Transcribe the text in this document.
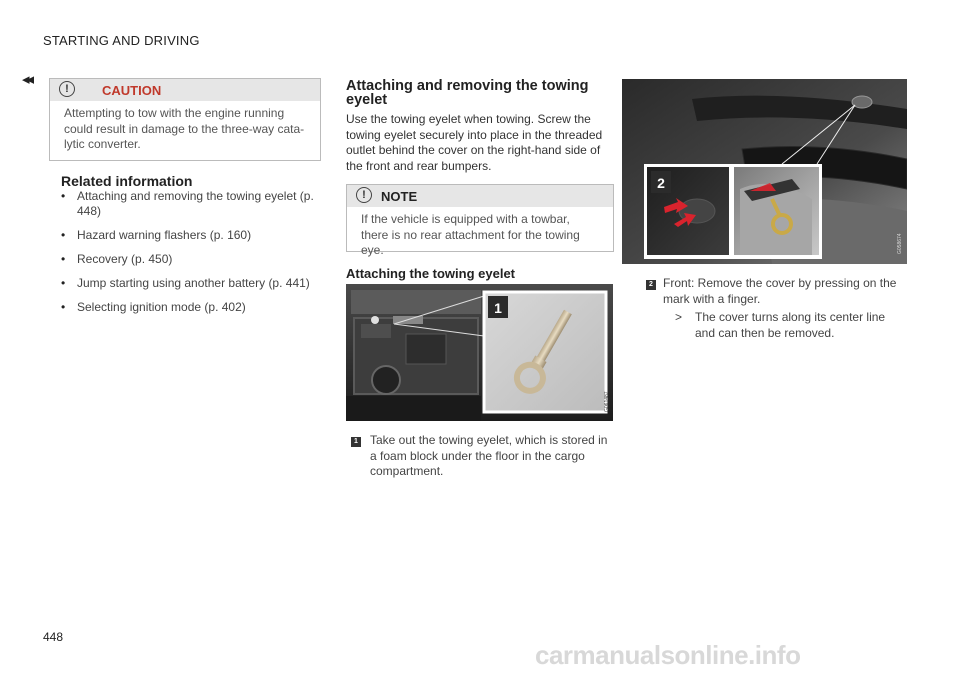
STARTING AND DRIVING
◂◂
!	CAUTION
Attempting to tow with the engine running could result in damage to the three-way cata-lytic converter.
Related information
• Attaching and removing the towing eyelet (p. 448)
• Hazard warning flashers (p. 160)
• Recovery (p. 450)
• Jump starting using another battery (p. 441)
• Selecting ignition mode (p. 402)
Attaching and removing the towing eyelet
Use the towing eyelet when towing. Screw the towing eyelet securely into place in the threaded outlet behind the cover on the right-hand side of the front and rear bumpers.
!	NOTE
If the vehicle is equipped with a towbar, there is no rear attachment for the towing eye.
Attaching the towing eyelet
1
G061487
1 Take out the towing eyelet, which is stored in a foam block under the floor in the cargo compartment.
2
G058674
2 Front: Remove the cover by pressing on the mark with a finger.
>	The cover turns along its center line and can then be removed.
448
carmanualsonline.info
